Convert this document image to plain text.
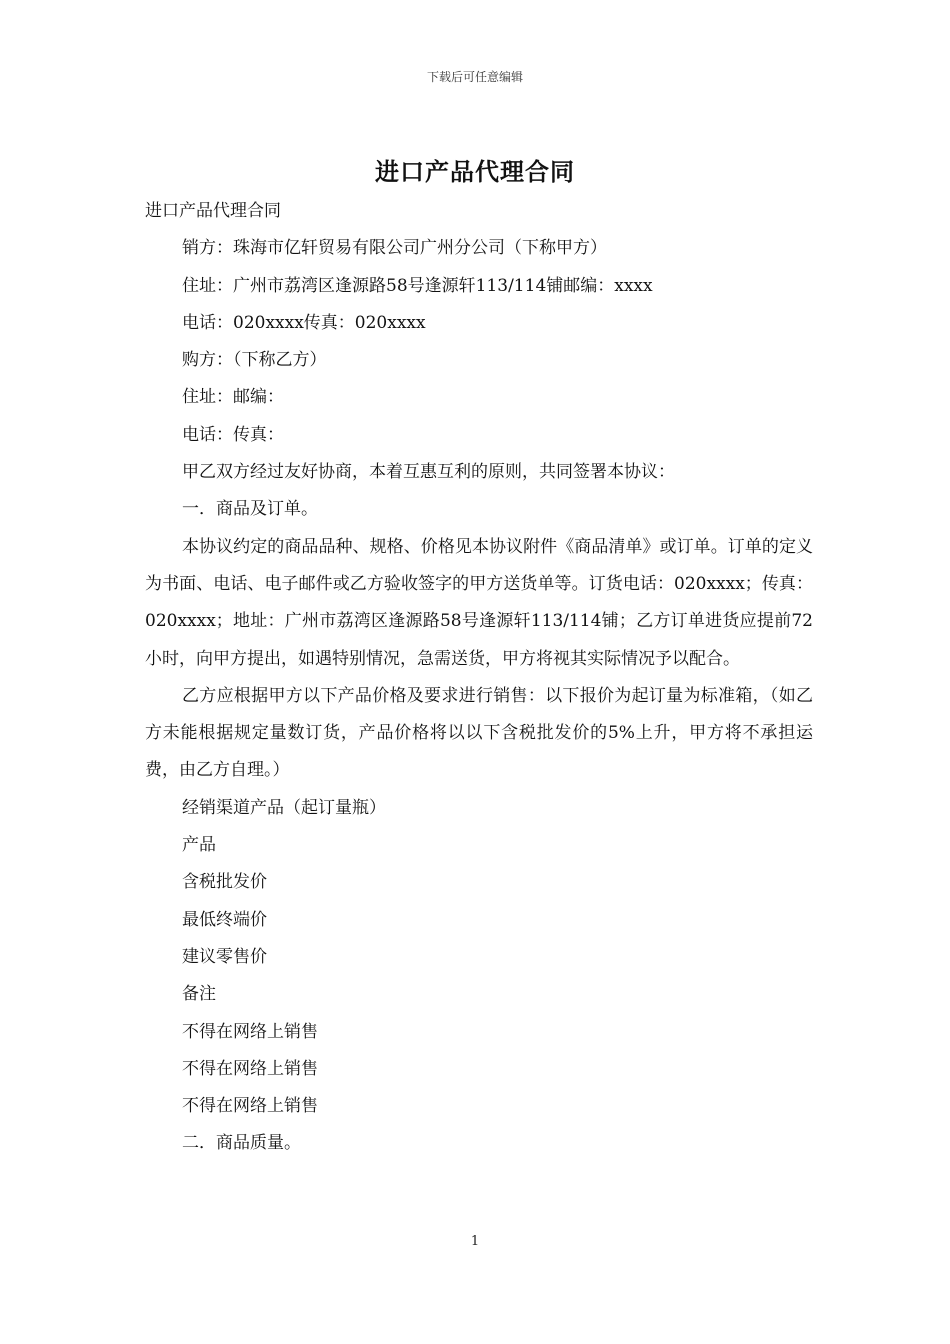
下载后可任意编辑
进口产品代理合同

进口产品代理合同

销方：珠海市亿轩贸易有限公司广州分公司（下称甲方）

住址：广州市荔湾区逢源路58号逢源轩113/114铺邮编：xxxx

电话：020xxxx传真：020xxxx

购方：（下称乙方）

住址：邮编：

电话：传真：

甲乙双方经过友好协商，本着互惠互利的原则，共同签署本协议：

一．商品及订单。

本协议约定的商品品种、规格、价格见本协议附件《商品清单》或订单。订单的定义为书面、电话、电子邮件或乙方验收签字的甲方送货单等。订货电话：020xxxx；传真：020xxxx；地址：广州市荔湾区逢源路58号逢源轩113/114铺；乙方订单进货应提前72小时，向甲方提出，如遇特别情况，急需送货，甲方将视其实际情况予以配合。

乙方应根据甲方以下产品价格及要求进行销售：以下报价为起订量为标准箱，（如乙方未能根据规定量数订货，产品价格将以以下含税批发价的5%上升，甲方将不承担运费，由乙方自理。）

经销渠道产品（起订量瓶）

产品

含税批发价

最低终端价

建议零售价

备注

不得在网络上销售

不得在网络上销售

不得在网络上销售

二．商品质量。

1
